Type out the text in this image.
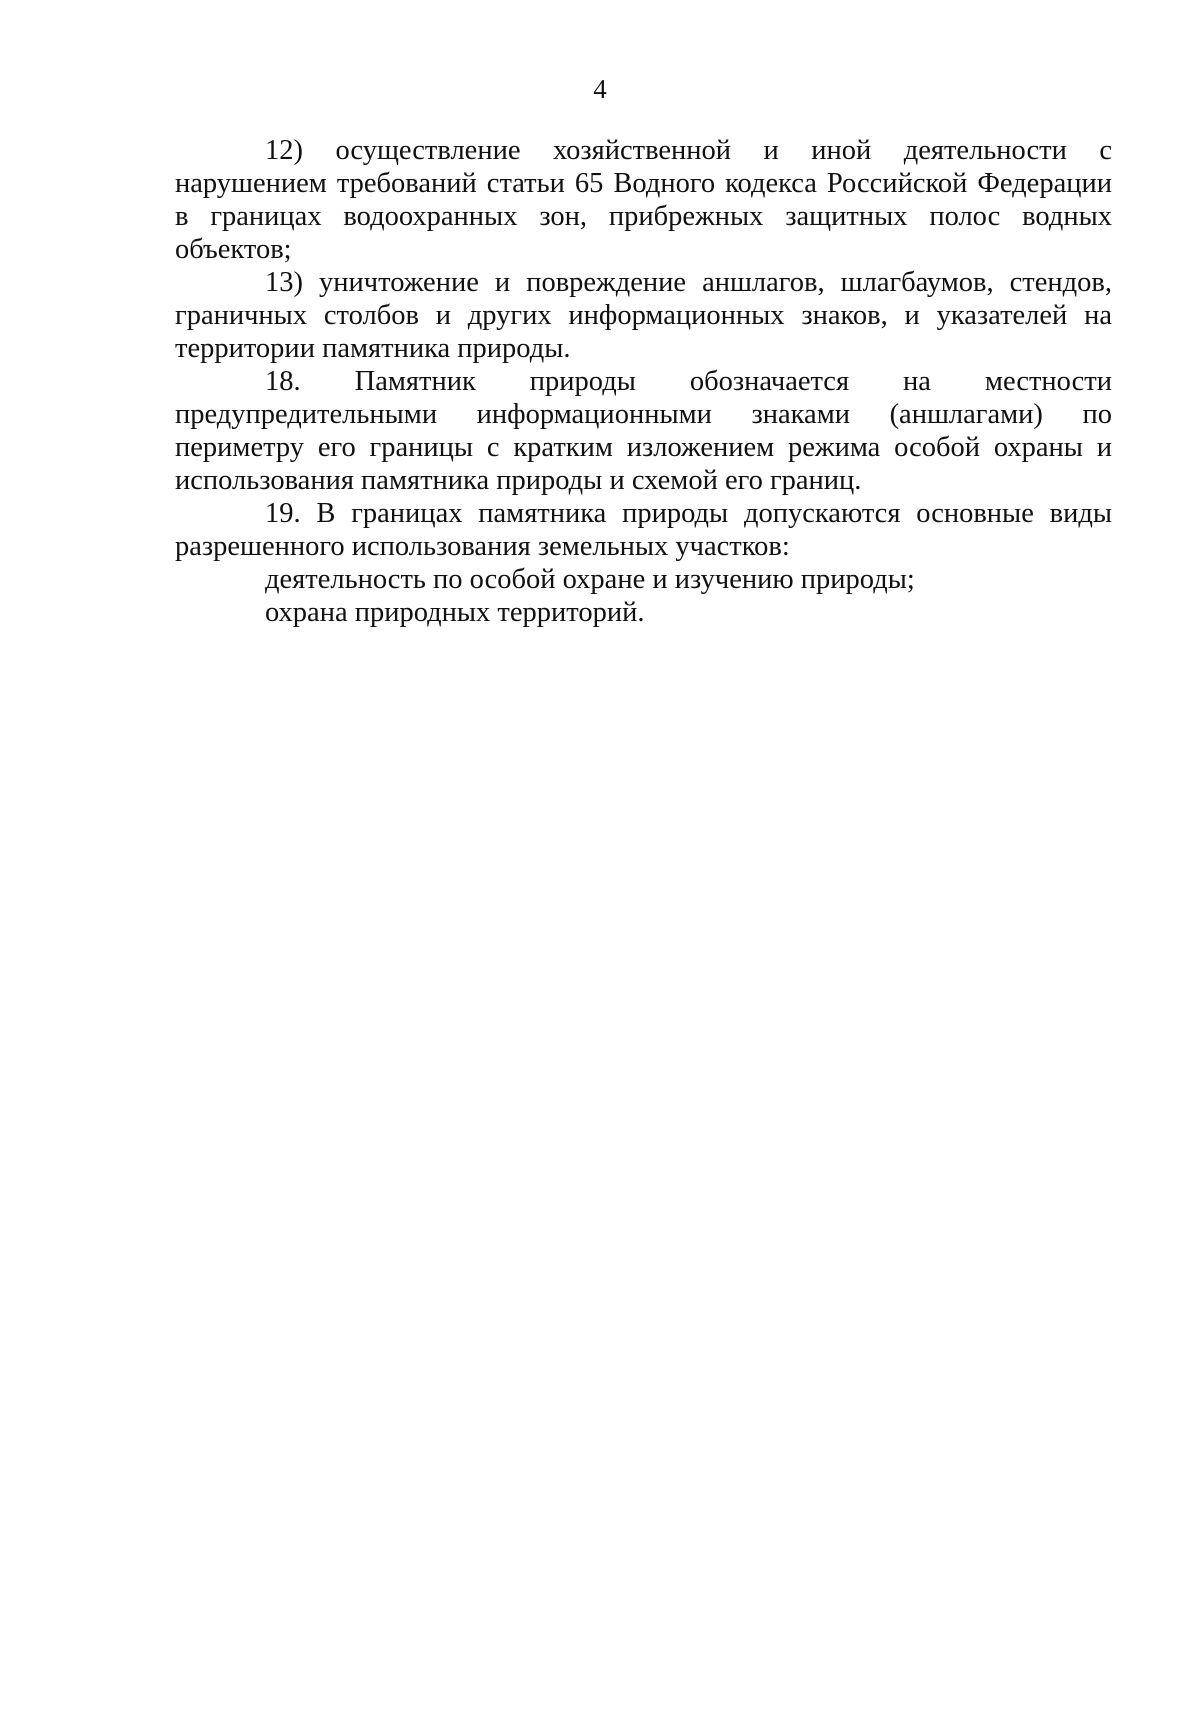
4

12) осуществление хозяйственной и иной деятельности с нарушением требований статьи 65 Водного кодекса Российской Федерации в границах водоохранных зон, прибрежных защитных полос водных объектов;

13) уничтожение и повреждение аншлагов, шлагбаумов, стендов, граничных столбов и других информационных знаков, и указателей на территории памятника природы.

18. Памятник природы обозначается на местности предупредительными информационными знаками (аншлагами) по периметру его границы с кратким изложением режима особой охраны и использования памятника природы и схемой его границ.

19. В границах памятника природы допускаются основные виды разрешенного использования земельных участков:

деятельность по особой охране и изучению природы;

охрана природных территорий.
